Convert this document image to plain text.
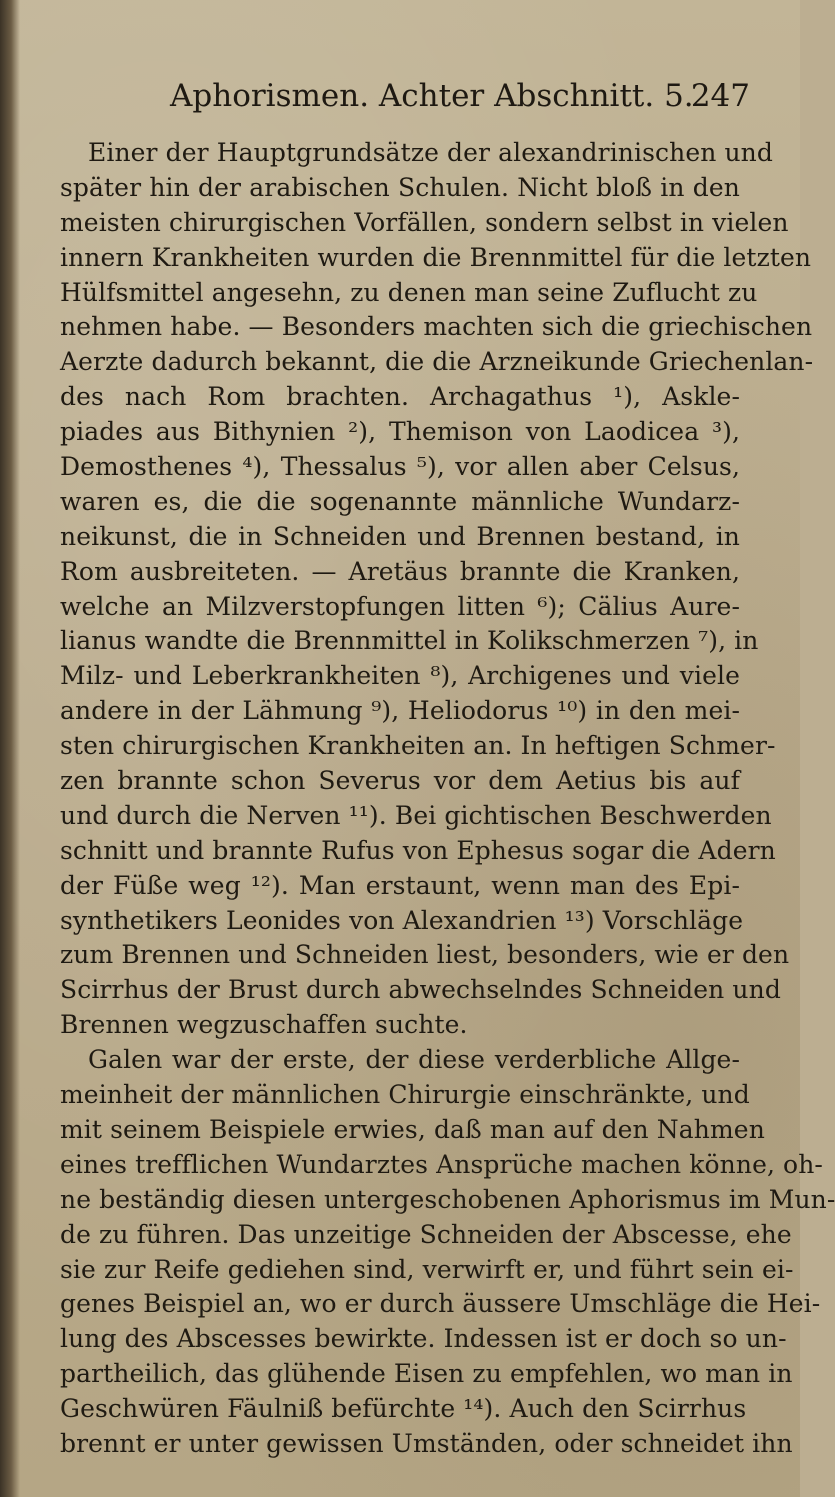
Aphorismen. Achter Abschnitt. 5.
247
Einer der Hauptgrundsätze der alexandrinischen und
später hin der arabischen Schulen. Nicht bloß in den
meisten chirurgischen Vorfällen, sondern selbst in vielen
innern Krankheiten wurden die Brennmittel für die letzten
Hülfsmittel angesehn, zu denen man seine Zuflucht zu
nehmen habe. — Besonders machten sich die griechischen
Aerzte dadurch bekannt, die die Arzneikunde Griechenlan-
des nach Rom brachten. Archagathus ¹), Askle-
piades aus Bithynien ²), Themison von Laodicea ³),
Demosthenes ⁴), Thessalus ⁵), vor allen aber Celsus,
waren es, die die sogenannte männliche Wundarz-
neikunst, die in Schneiden und Brennen bestand, in
Rom ausbreiteten. — Aretäus brannte die Kranken,
welche an Milzverstopfungen litten ⁶); Cälius Aure-
lianus wandte die Brennmittel in Kolikschmerzen ⁷), in
Milz- und Leberkrankheiten ⁸), Archigenes und viele
andere in der Lähmung ⁹), Heliodorus ¹⁰) in den mei-
sten chirurgischen Krankheiten an. In heftigen Schmer-
zen brannte schon Severus vor dem Aetius bis auf
und durch die Nerven ¹¹). Bei gichtischen Beschwerden
schnitt und brannte Rufus von Ephesus sogar die Adern
der Füße weg ¹²). Man erstaunt, wenn man des Epi-
synthetikers Leonides von Alexandrien ¹³) Vorschläge
zum Brennen und Schneiden liest, besonders, wie er den
Scirrhus der Brust durch abwechselndes Schneiden und
Brennen wegzuschaffen suchte.
Galen war der erste, der diese verderbliche Allge-
meinheit der männlichen Chirurgie einschränkte, und
mit seinem Beispiele erwies, daß man auf den Nahmen
eines trefflichen Wundarztes Ansprüche machen könne, oh-
ne beständig diesen untergeschobenen Aphorismus im Mun-
de zu führen. Das unzeitige Schneiden der Abscesse, ehe
sie zur Reife gediehen sind, verwirft er, und führt sein ei-
genes Beispiel an, wo er durch äussere Umschläge die Hei-
lung des Abscesses bewirkte. Indessen ist er doch so un-
partheilich, das glühende Eisen zu empfehlen, wo man in
Geschwüren Fäulniß befürchte ¹⁴). Auch den Scirrhus
brennt er unter gewissen Umständen, oder schneidet ihn
